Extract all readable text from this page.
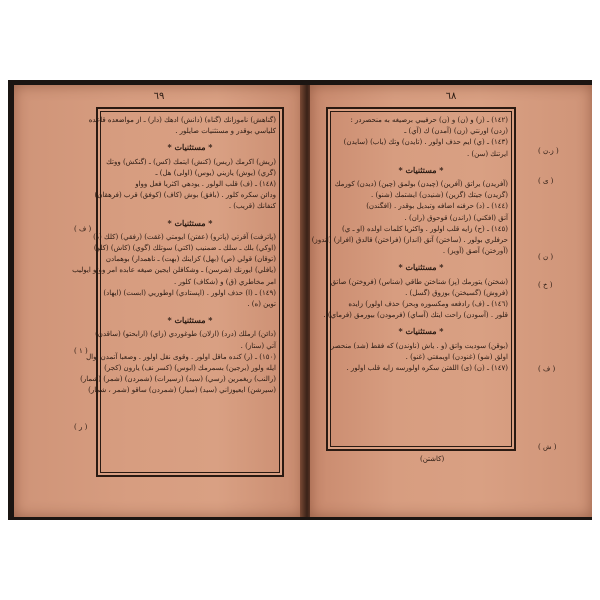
٦٩
(گناهش) ناموزانك (گناه) (دانش) ادهك (دار) ـ از مواضعده قاعده
كلياسي بوقدر و مستثنيات صايلور .
* مستثنيات *
(ريش) اكرمك (ريس) (كنش) ايتمك (كس) ـ (گنكش) ووتك
(گري) (يوش) يازيني (يوس) (اولى) هل) ـ
(١٤٨) ـ (ف) قلب الولور . يودهي اكثريا فعل وواو
ودائن سكره كلور . (بافق) بوش (كاف) (كوفق) قرب (فرهقان)
كنفانك (قريب) .
* مستثنيات *
(پاترفت) آقرتي (پاترو) (عفتن) ايومتي (غقت) (رفقي) (كلك (د)
(اوكي) بلك ـ سلك ـ ضمنيب (اكتي) سوتلك (گوي) (كاش) (كلو)
(توقان) قولي (ص) (بهل) كزاينك (بهت) ـ ناهمدار) بوهمادن
(يافلي) ايورنك (شرسن) ـ وشكافلن ايجين صيغه عابده امر ووتو ايوليب
امر مخاطري (ق) و (شكاف) كلور .
(١٤٩) ـ (ا) حذف اولور . (اپستادي) اوطوريي (ابست) (ايهاد)
توين (ه) .
* مستثنيات *
(دائن) ارملك (درد) (ازلان) طوغوردي (زاي) (ارابحتو) (ساقدن)
آتي (ستاز) .
(١٥٠) ـ (ر) كنده ماقل اولور . وقوى نقل اولور . وصعبا آتمدن اوال
ايله ولور (برجين) بسمرمك (ابوس) (كسر نف) يارون (كجر)
(رالنب) ريغمرين (رسي) (سيد) (رسيرات) (شمردن) (شمر) (شمار)
(سيرشن) ايعيوزاني (سيد) (سيار) (شمردن) ساقو (شمر ، شمار)
( ف )
( ١ )
( ر )
٦٨
(١٤٢) ـ (ز) و (ن) و (ن) حرفيبي برصيغه به منحصردر :
(زدن) اورنتي (زن) (آمدن) ك (آي) ـ
(١٤٣) ـ (ي) ايم حذف اولور . (تايدن) وتك (ياب) (سايدن)
ايرتنك (سن) .
* مستثنيات *
(آفريدن) يراتق (آفرين) (چيدن) بولمق (چين) (ديدن) كورمك
(گزيدن) جيتك (گزين) (شنيدن) ايشتمك (شنو) .
(١٤٤) ـ (د) حرفنه اضافه وتبديل بوقدر . (افگندن)
آتق (افكني) (راندن) قوحوق (ران) .
(١٤٥) ـ (ح) زايه قلب اولور . واكثريا كلمات اولده (او ـ ي)
حرفلري بولور . (ساختن) آتق (انداز) (فراختن) قالدق (افراز) (اندوز)
(آورختن) آصق (آويز) .
* مستثنيات *
(شختن) يتورمك (پز) شناختن طاقي (شناس) (فروختن) صاتق
(فروش) (گسيختن) بوزوق (گسل) .
(١٤٦) ـ (ف) رادفعه ومكسوره وبحز) حذف اولور) زايده
قلور . (آسودن) راحت ايتك (آساي) (فرمودن) بيورمق (فرماي) .
* مستثنيات *
(بوقن) سوديت واتق (و . ياش (ناوندن) كه فقط (شد) منحصر
اولق (شو) (غنودن) اويمقتي (غنو) .
(١٤٧) ـ (ن) (ى) اللفتن سكره اولورسه زايه قلب اولور .
(كاشتن)
( ز.ن )
( ى )
( ن )
( خ )
( ف )
( ش )
